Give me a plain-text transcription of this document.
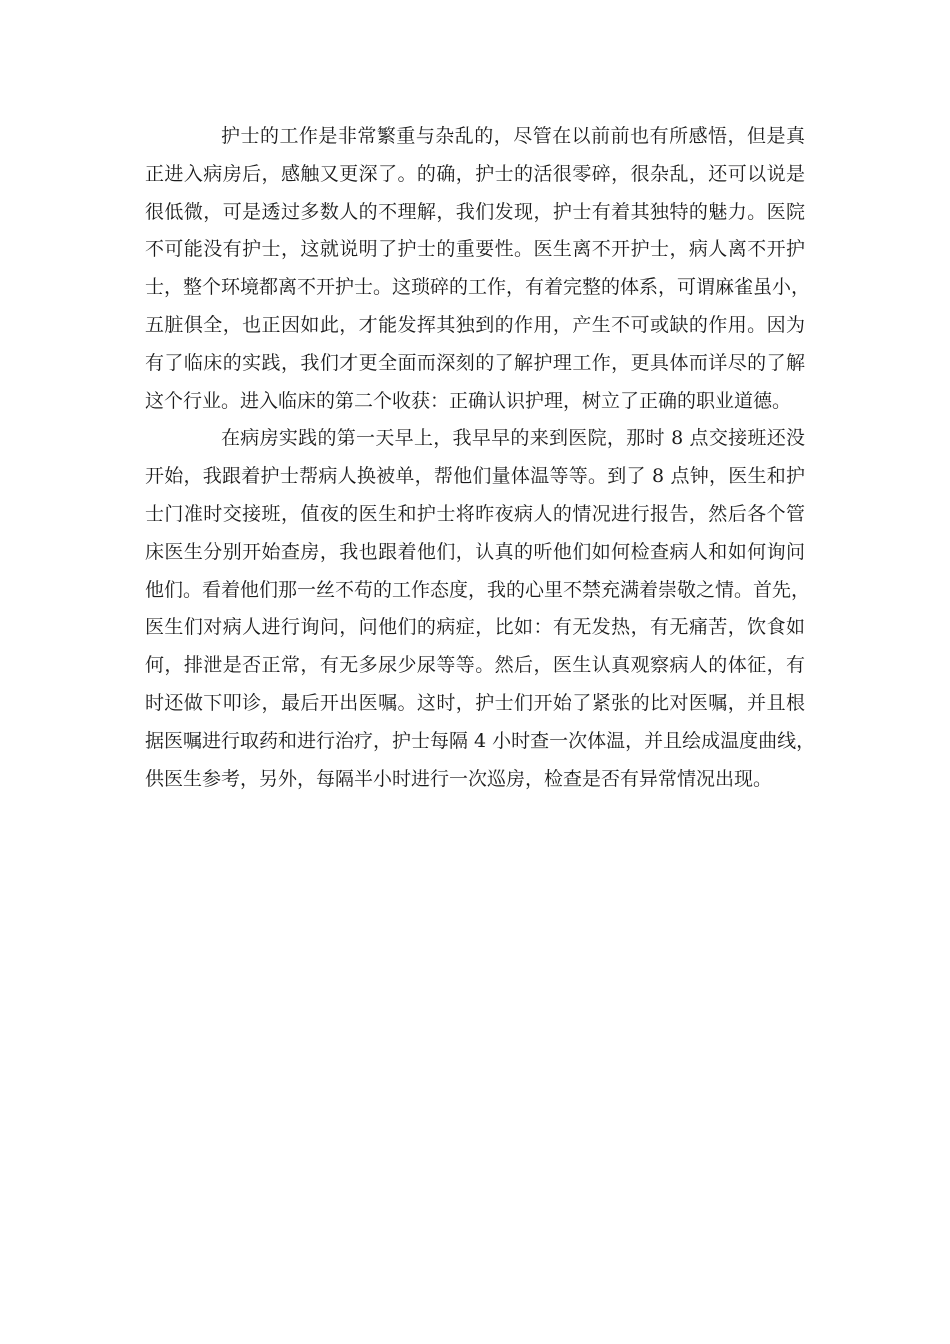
护士的工作是非常繁重与杂乱的，尽管在以前前也有所感悟，但是真
正进入病房后，感触又更深了。的确，护士的活很零碎，很杂乱，还可以说是
很低微，可是透过多数人的不理解，我们发现，护士有着其独特的魅力。医院
不可能没有护士，这就说明了护士的重要性。医生离不开护士，病人离不开护
士，整个环境都离不开护士。这琐碎的工作，有着完整的体系，可谓麻雀虽小，
五脏俱全，也正因如此，才能发挥其独到的作用，产生不可或缺的作用。因为
有了临床的实践，我们才更全面而深刻的了解护理工作，更具体而详尽的了解
这个行业。进入临床的第二个收获：正确认识护理，树立了正确的职业道德。
在病房实践的第一天早上，我早早的来到医院，那时 8 点交接班还没
开始，我跟着护士帮病人换被单，帮他们量体温等等。到了 8 点钟，医生和护
士门准时交接班，值夜的医生和护士将昨夜病人的情况进行报告，然后各个管
床医生分别开始查房，我也跟着他们，认真的听他们如何检查病人和如何询问
他们。看着他们那一丝不苟的工作态度，我的心里不禁充满着崇敬之情。首先，
医生们对病人进行询问，问他们的病症，比如：有无发热，有无痛苦，饮食如
何，排泄是否正常，有无多尿少尿等等。然后，医生认真观察病人的体征，有
时还做下叩诊，最后开出医嘱。这时，护士们开始了紧张的比对医嘱，并且根
据医嘱进行取药和进行治疗，护士每隔 4 小时查一次体温，并且绘成温度曲线，
供医生参考，另外，每隔半小时进行一次巡房，检查是否有异常情况出现。
